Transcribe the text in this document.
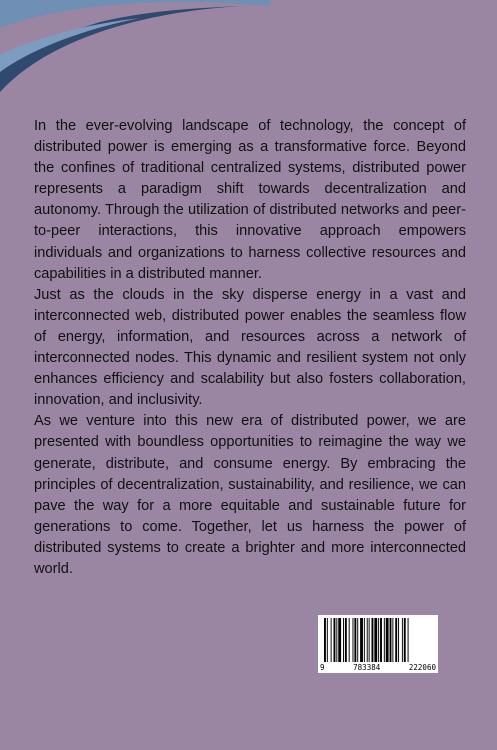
In the ever-evolving landscape of technology, the concept of distributed power is emerging as a transformative force. Beyond the confines of traditional centralized systems, distributed power represents a paradigm shift towards decentralization and autonomy. Through the utilization of distributed networks and peer-to-peer interactions, this innovative approach empowers individuals and organizations to harness collective resources and capabilities in a distributed manner.

Just as the clouds in the sky disperse energy in a vast and interconnected web, distributed power enables the seamless flow of energy, information, and resources across a network of interconnected nodes. This dynamic and resilient system not only enhances efficiency and scalability but also fosters collaboration, innovation, and inclusivity.

As we venture into this new era of distributed power, we are presented with boundless opportunities to reimagine the way we generate, distribute, and consume energy. By embracing the principles of decentralization, sustainability, and resilience, we can pave the way for a more equitable and sustainable future for generations to come. Together, let us harness the power of distributed systems to create a brighter and more interconnected world.

9	783384	222060
